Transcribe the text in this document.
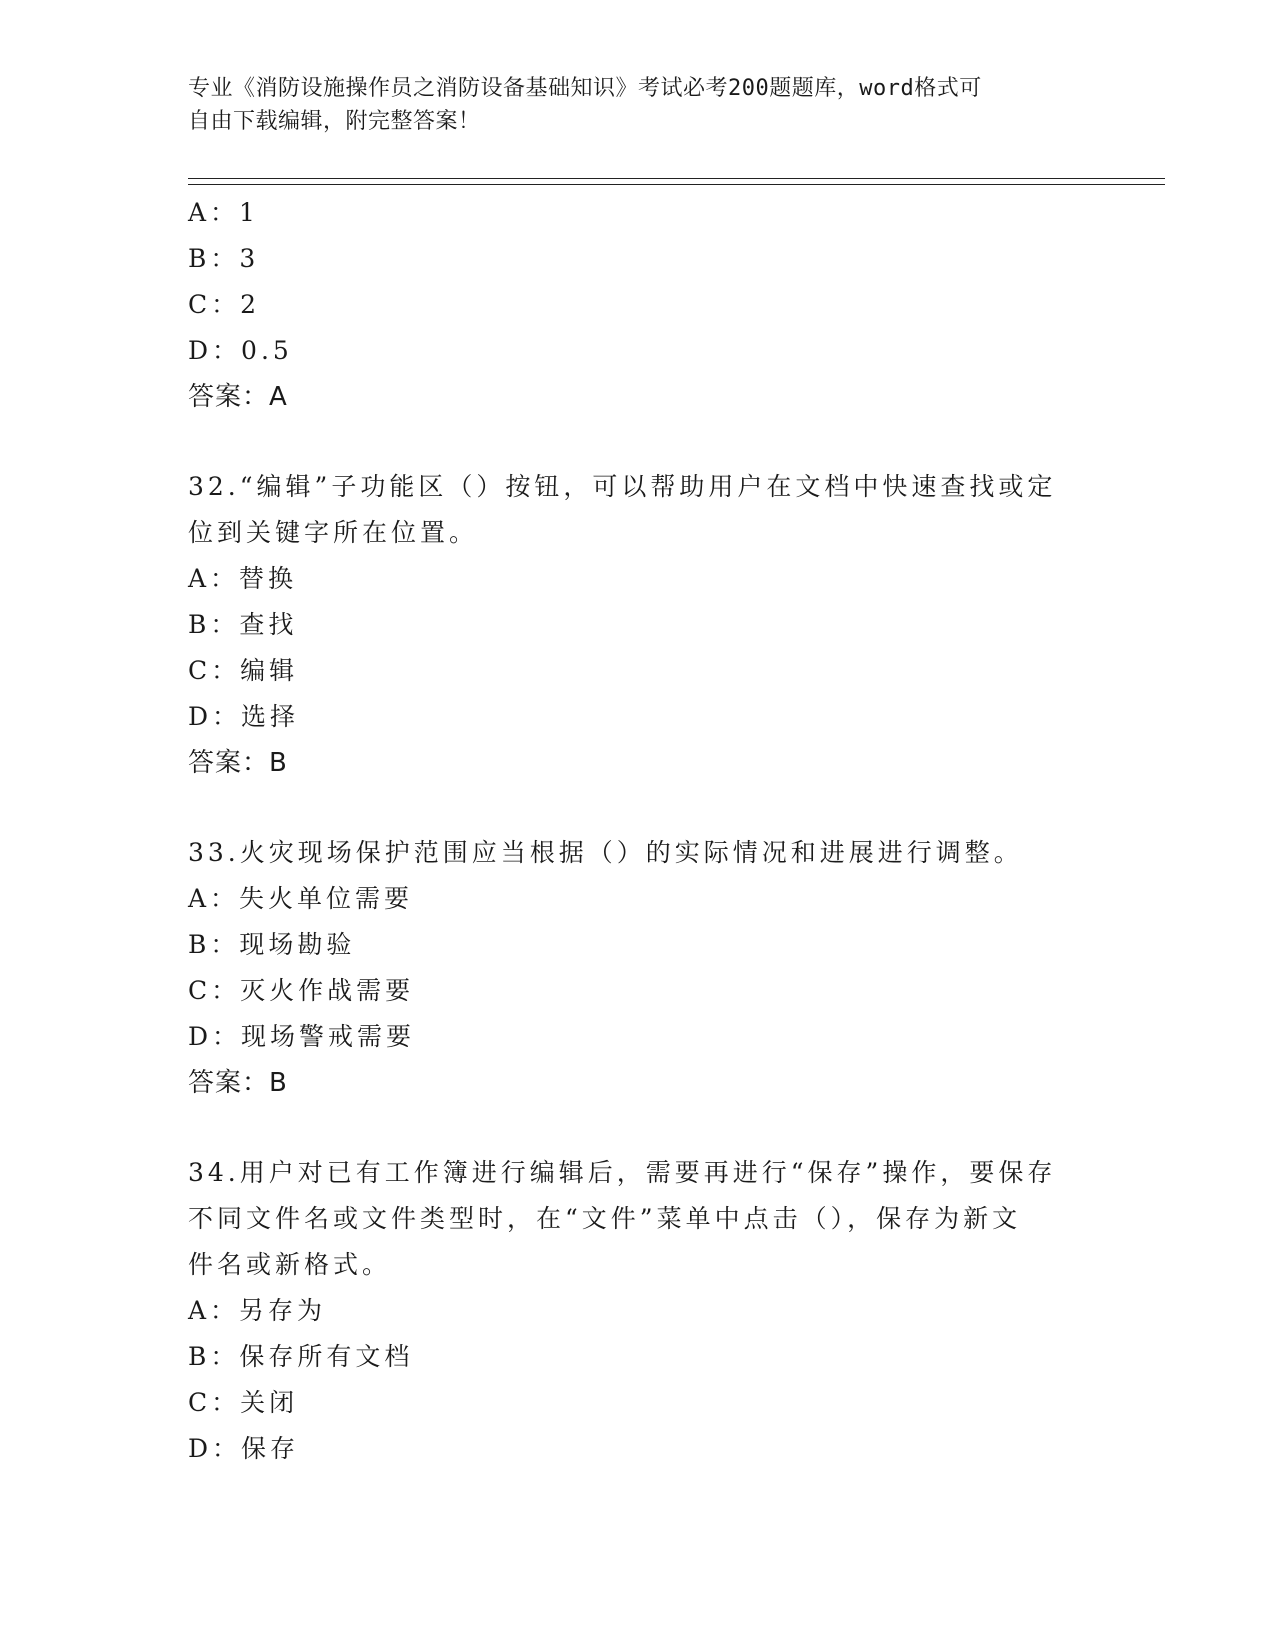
专业《消防设施操作员之消防设备基础知识》考试必考200题题库，word格式可
自由下载编辑，附完整答案！
A：1
B：3
C：2
D：0.5
答案：A
32.“编辑”子功能区（）按钮，可以帮助用户在文档中快速查找或定
位到关键字所在位置。
A：替换
B：查找
C：编辑
D：选择
答案：B
33.火灾现场保护范围应当根据（）的实际情况和进展进行调整。
A：失火单位需要
B：现场勘验
C：灭火作战需要
D：现场警戒需要
答案：B
34.用户对已有工作簿进行编辑后，需要再进行“保存”操作，要保存
不同文件名或文件类型时，在“文件”菜单中点击（），保存为新文
件名或新格式。
A：另存为
B：保存所有文档
C：关闭
D：保存
